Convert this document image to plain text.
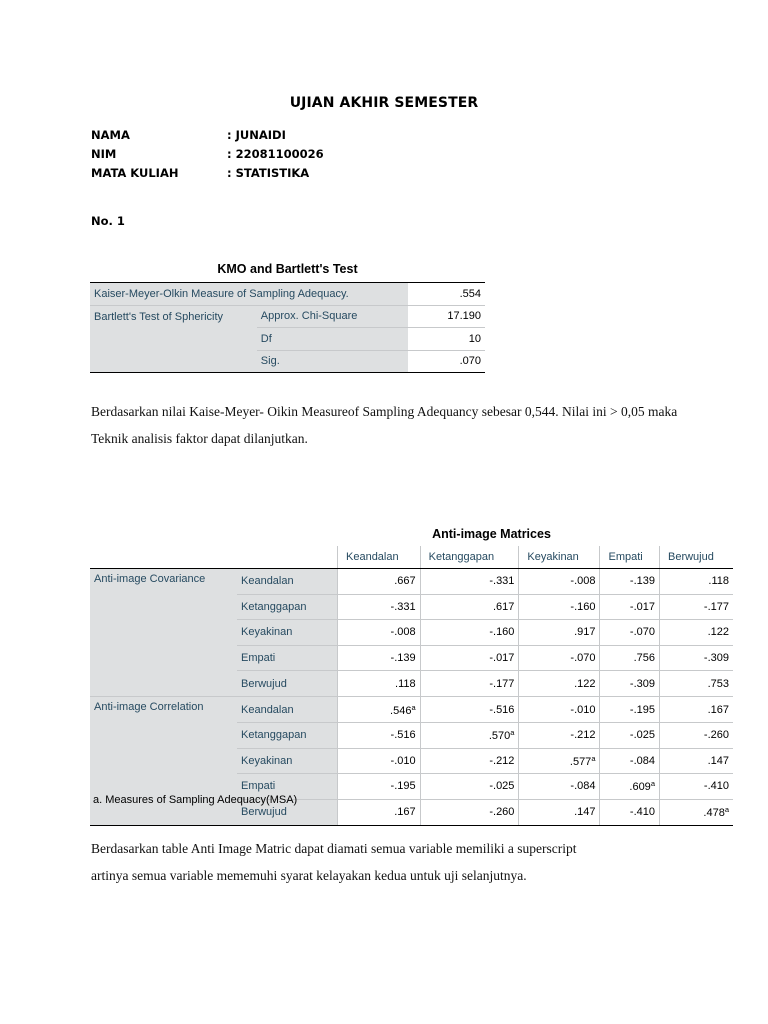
UJIAN AKHIR SEMESTER
NAMA	: JUNAIDI
NIM	: 22081100026
MATA KULIAH	: STATISTIKA
No. 1
KMO and Bartlett's Test
Kaiser-Meyer-Olkin Measure of Sampling Adequacy.		.554
Bartlett's Test of Sphericity	Approx. Chi-Square	17.190
	Df	10
	Sig.	.070
Berdasarkan nilai Kaise-Meyer- Oikin Measureof Sampling Adequancy sebesar 0,544. Nilai ini > 0,05 maka Teknik analisis faktor dapat dilanjutkan.
Anti-image Matrices
		Keandalan	Ketanggapan	Keyakinan	Empati	Berwujud
Anti-image Covariance	Keandalan	.667	-.331	-.008	-.139	.118
	Ketanggapan	-.331	.617	-.160	-.017	-.177
	Keyakinan	-.008	-.160	.917	-.070	.122
	Empati	-.139	-.017	-.070	.756	-.309
	Berwujud	.118	-.177	.122	-.309	.753
Anti-image Correlation	Keandalan	.546$^a$	-.516	-.010	-.195	.167
	Ketanggapan	-.516	.570$^a$	-.212	-.025	-.260
	Keyakinan	-.010	-.212	.577$^a$	-.084	.147
	Empati	-.195	-.025	-.084	.609$^a$	-.410
	Berwujud	.167	-.260	.147	-.410	.478$^a$
a. Measures of Sampling Adequacy(MSA)
Berdasarkan table Anti Image Matric dapat diamati semua variable memiliki a superscript
artinya semua variable mememuhi syarat kelayakan kedua untuk uji selanjutnya.
